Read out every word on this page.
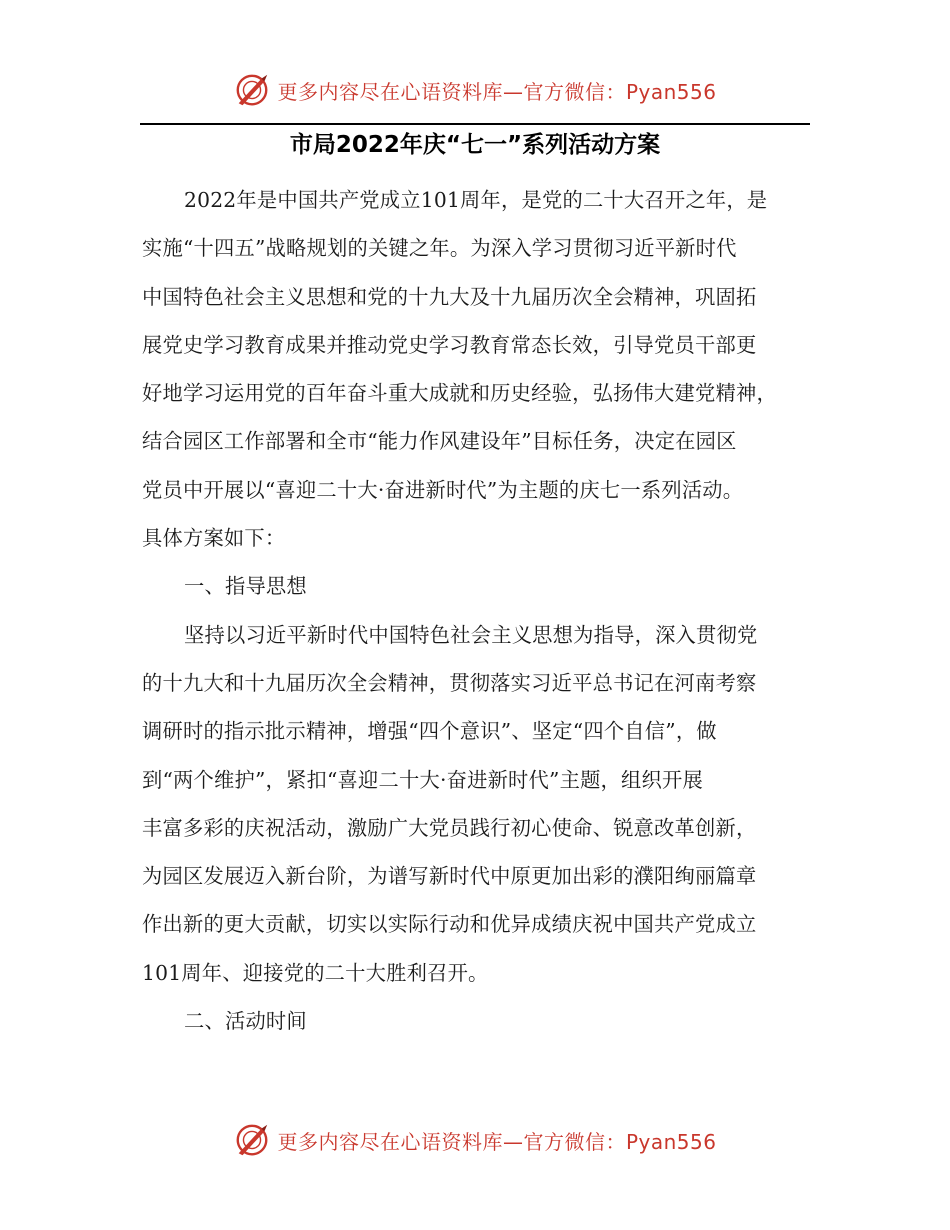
更多内容尽在心语资料库—官方微信：Pyan556
市局2022年庆“七一”系列活动方案

2022年是中国共产党成立101周年，是党的二十大召开之年，是

实施“十四五”战略规划的关键之年。为深入学习贯彻习近平新时代

中国特色社会主义思想和党的十九大及十九届历次全会精神，巩固拓

展党史学习教育成果并推动党史学习教育常态长效，引导党员干部更

好地学习运用党的百年奋斗重大成就和历史经验，弘扬伟大建党精神，

结合园区工作部署和全市“能力作风建设年”目标任务，决定在园区

党员中开展以“喜迎二十大·奋进新时代”为主题的庆七一系列活动。

具体方案如下：

一、指导思想

坚持以习近平新时代中国特色社会主义思想为指导，深入贯彻党

的十九大和十九届历次全会精神，贯彻落实习近平总书记在河南考察

调研时的指示批示精神，增强“四个意识”、坚定“四个自信”，做

到“两个维护”，紧扣“喜迎二十大·奋进新时代”主题，组织开展

丰富多彩的庆祝活动，激励广大党员践行初心使命、锐意改革创新，

为园区发展迈入新台阶，为谱写新时代中原更加出彩的濮阳绚丽篇章

作出新的更大贡献，切实以实际行动和优异成绩庆祝中国共产党成立

101周年、迎接党的二十大胜利召开。

二、活动时间

更多内容尽在心语资料库—官方微信：Pyan556
